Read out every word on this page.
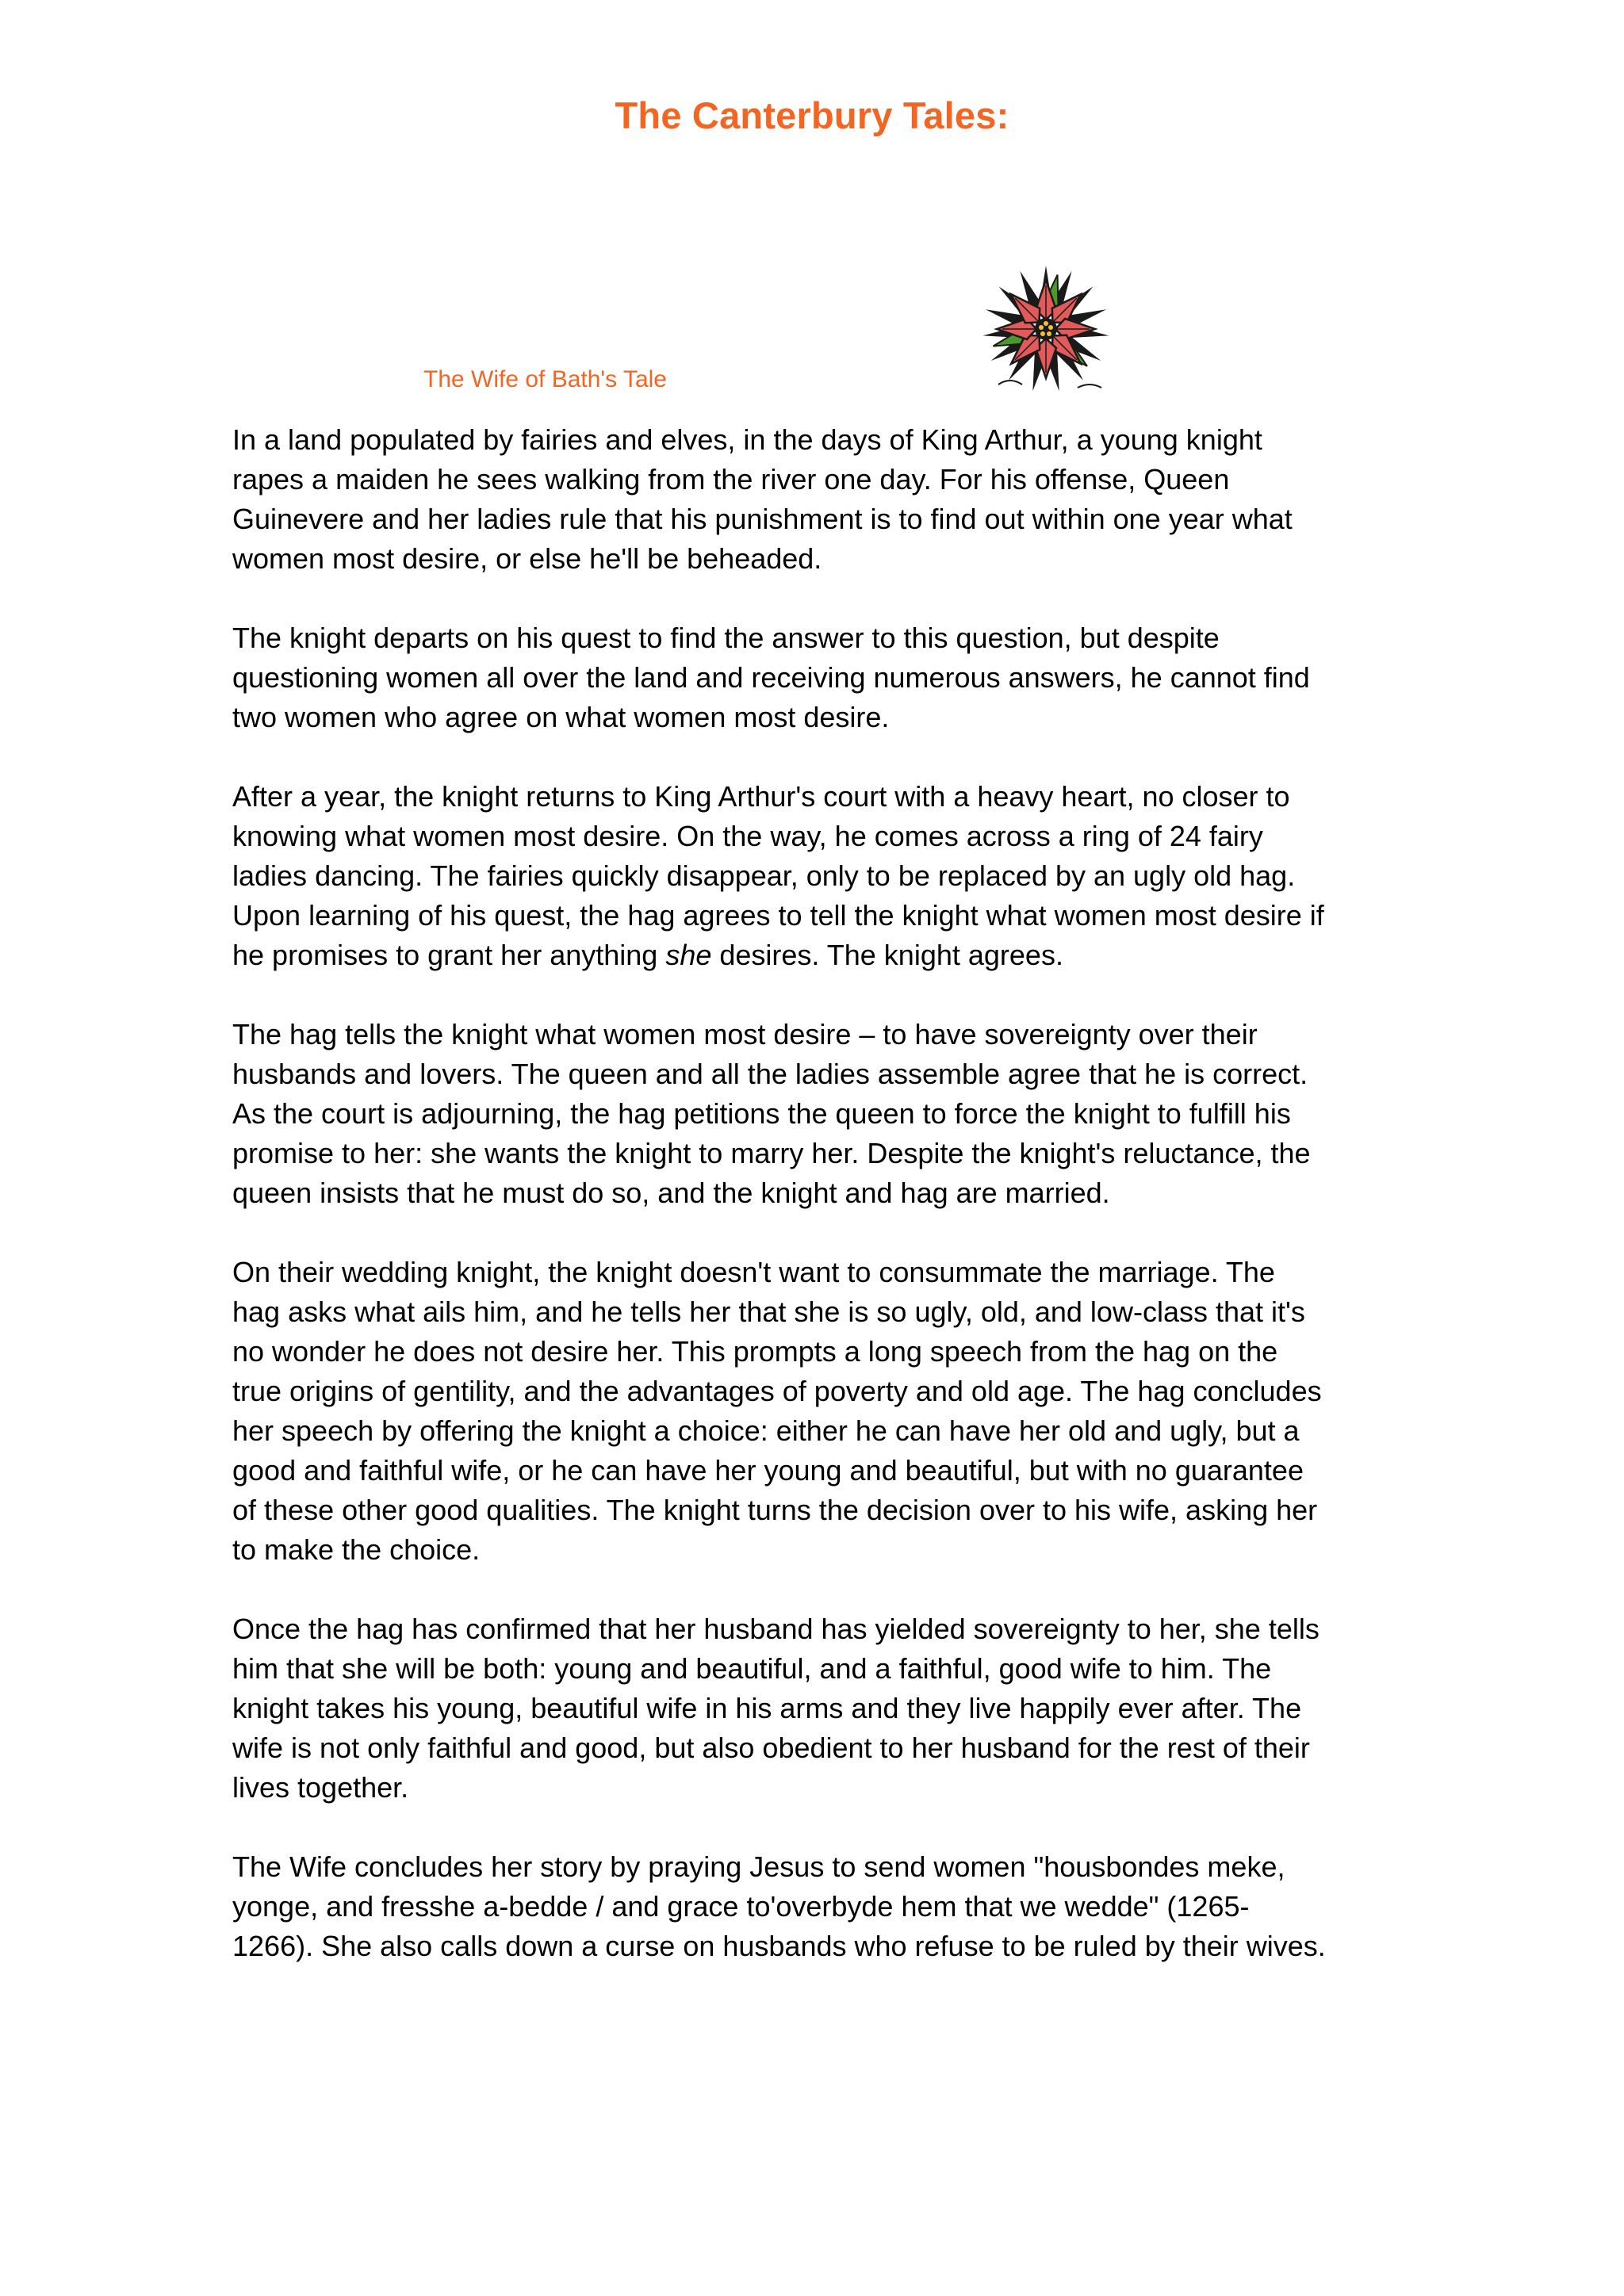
The Canterbury Tales:
The Wife of Bath's Tale

In a land populated by fairies and elves, in the days of King Arthur, a young knight rapes a maiden he sees walking from the river one day. For his offense, Queen Guinevere and her ladies rule that his punishment is to find out within one year what women most desire, or else he'll be beheaded.

The knight departs on his quest to find the answer to this question, but despite questioning women all over the land and receiving numerous answers, he cannot find two women who agree on what women most desire.

After a year, the knight returns to King Arthur's court with a heavy heart, no closer to knowing what women most desire. On the way, he comes across a ring of 24 fairy ladies dancing. The fairies quickly disappear, only to be replaced by an ugly old hag. Upon learning of his quest, the hag agrees to tell the knight what women most desire if he promises to grant her anything she desires. The knight agrees.

The hag tells the knight what women most desire – to have sovereignty over their husbands and lovers. The queen and all the ladies assemble agree that he is correct. As the court is adjourning, the hag petitions the queen to force the knight to fulfill his promise to her: she wants the knight to marry her. Despite the knight's reluctance, the queen insists that he must do so, and the knight and hag are married.

On their wedding knight, the knight doesn't want to consummate the marriage. The hag asks what ails him, and he tells her that she is so ugly, old, and low-class that it's no wonder he does not desire her. This prompts a long speech from the hag on the true origins of gentility, and the advantages of poverty and old age. The hag concludes her speech by offering the knight a choice: either he can have her old and ugly, but a good and faithful wife, or he can have her young and beautiful, but with no guarantee of these other good qualities. The knight turns the decision over to his wife, asking her to make the choice.

Once the hag has confirmed that her husband has yielded sovereignty to her, she tells him that she will be both: young and beautiful, and a faithful, good wife to him. The knight takes his young, beautiful wife in his arms and they live happily ever after. The wife is not only faithful and good, but also obedient to her husband for the rest of their lives together.

The Wife concludes her story by praying Jesus to send women "housbondes meke, yonge, and fresshe a-bedde / and grace to'overbyde hem that we wedde" (1265-1266). She also calls down a curse on husbands who refuse to be ruled by their wives.
